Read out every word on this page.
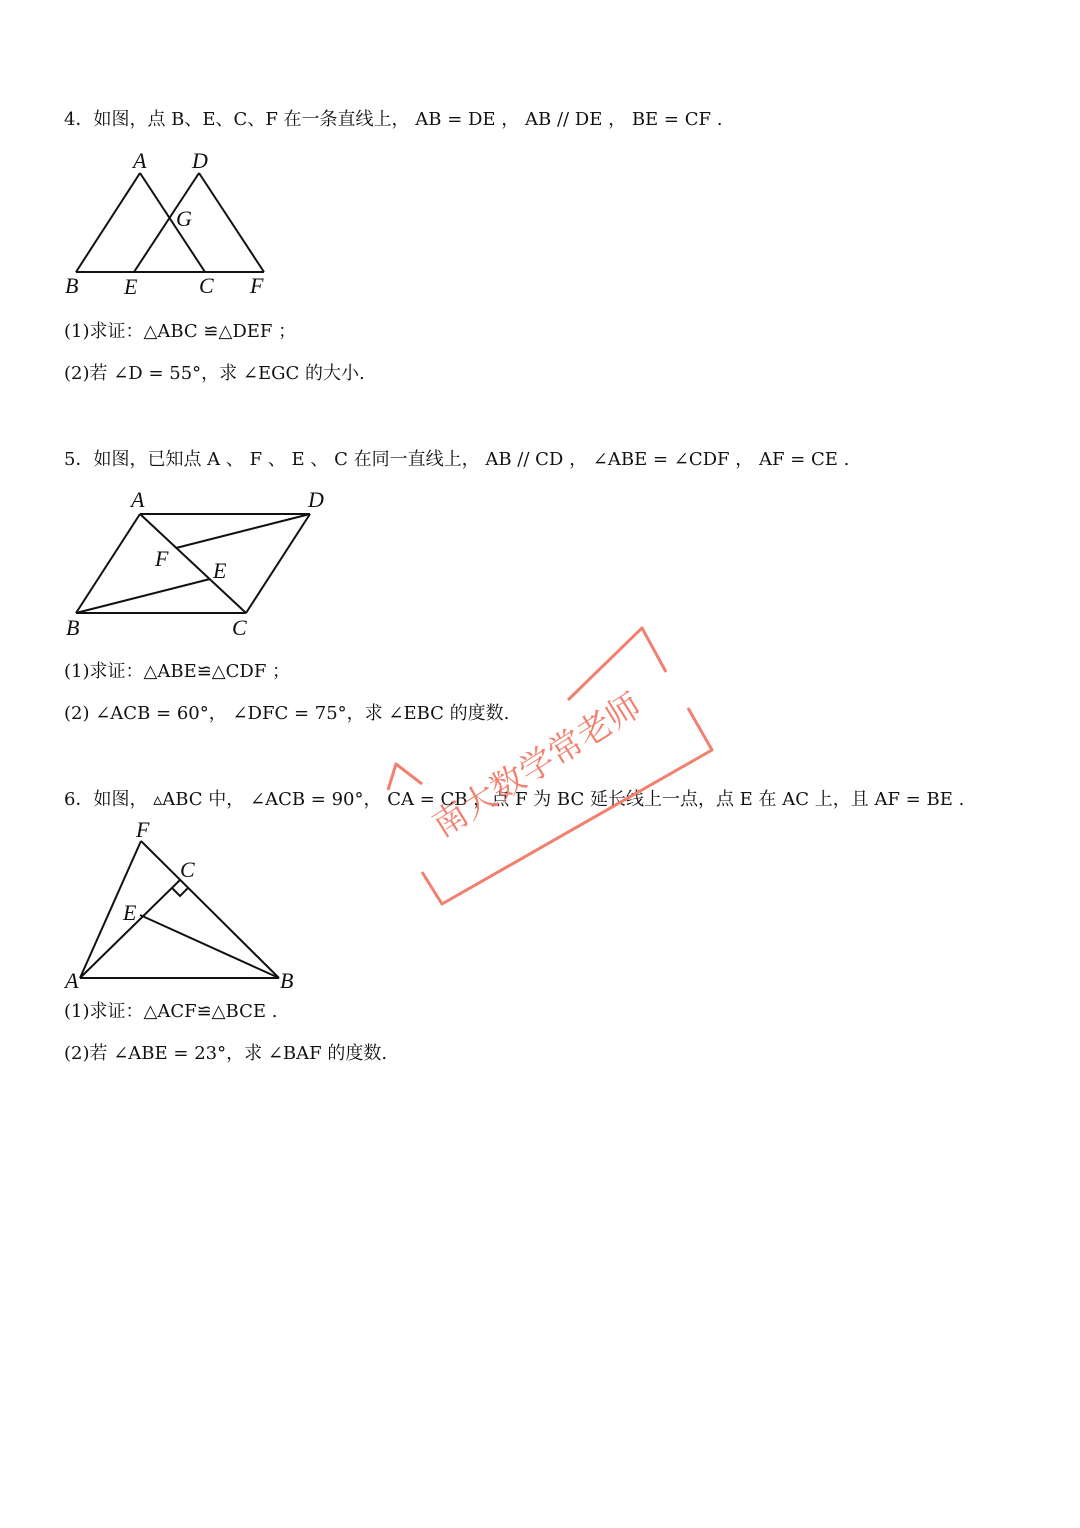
4．如图，点 B、E、C、F 在一条直线上， AB = DE ， AB // DE ， BE = CF .
A D
G
B E	C F
(1)求证：△ABC ≌△DEF ；
(2)若 ∠D = 55°，求 ∠EGC 的大小.
5．如图，已知点 A 、 F 、 E 、 C 在同一直线上， AB // CD ， ∠ABE = ∠CDF ， AF = CE .
A	D
F E
B	C
(1)求证：△ABE≌△CDF ；
(2) ∠ACB = 60°， ∠DFC = 75°，求 ∠EBC 的度数.
6．如图， ▵ABC 中， ∠ACB = 90°， CA = CB ，点 F 为 BC 延长线上一点，点 E 在 AC 上，且 AF = BE .
F
C
E
A	B
(1)求证：△ACF≌△BCE .
(2)若 ∠ABE = 23°，求 ∠BAF 的度数.
南大数学常老师
